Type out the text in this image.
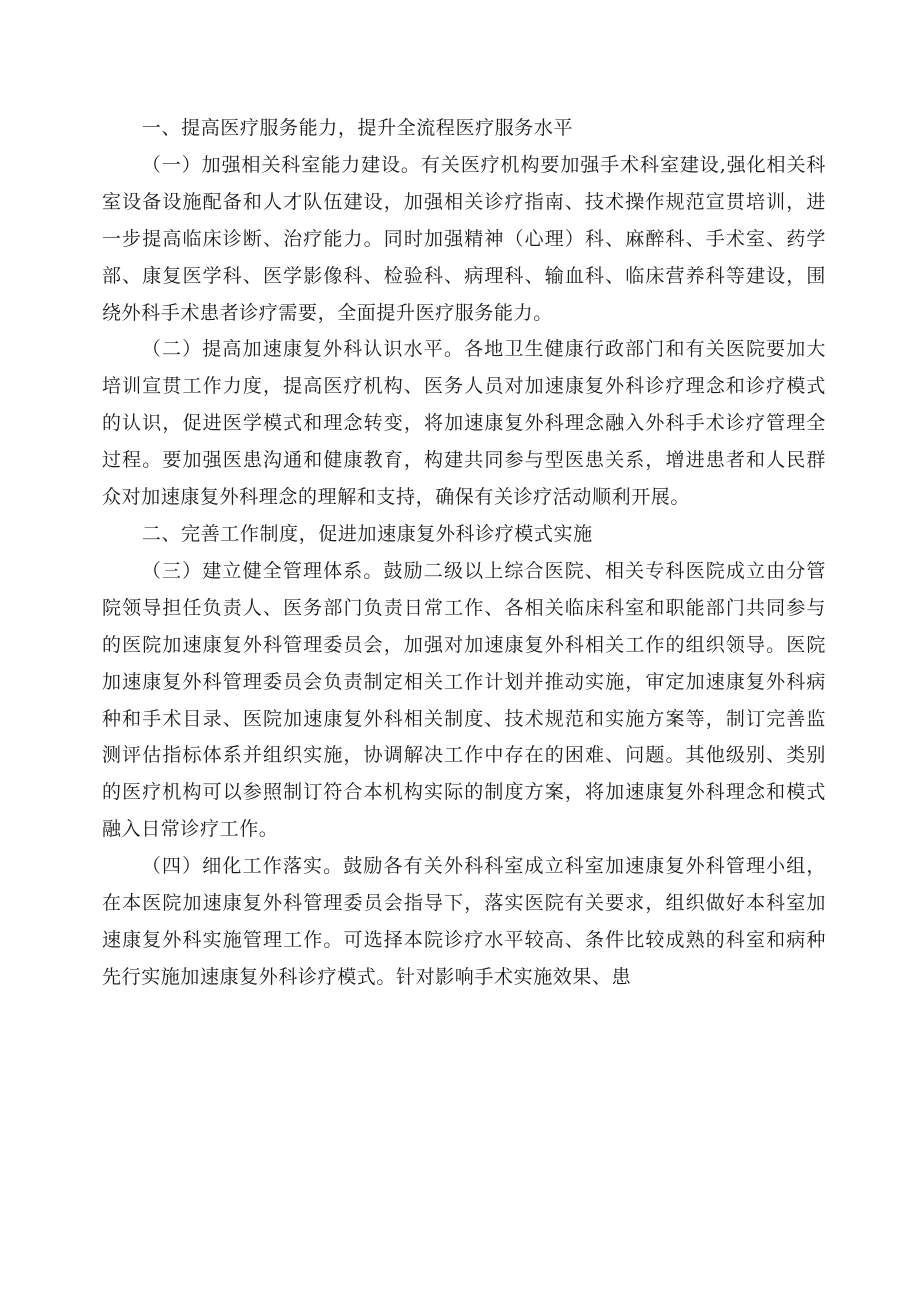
一、提高医疗服务能力，提升全流程医疗服务水平

（一）加强相关科室能力建设。有关医疗机构要加强手术科室建设,强化相关科室设备设施配备和人才队伍建设，加强相关诊疗指南、技术操作规范宣贯培训，进一步提高临床诊断、治疗能力。同时加强精神（心理）科、麻醉科、手术室、药学部、康复医学科、医学影像科、检验科、病理科、输血科、临床营养科等建设，围绕外科手术患者诊疗需要，全面提升医疗服务能力。

（二）提高加速康复外科认识水平。各地卫生健康行政部门和有关医院要加大培训宣贯工作力度，提高医疗机构、医务人员对加速康复外科诊疗理念和诊疗模式的认识，促进医学模式和理念转变，将加速康复外科理念融入外科手术诊疗管理全过程。要加强医患沟通和健康教育，构建共同参与型医患关系，增进患者和人民群众对加速康复外科理念的理解和支持，确保有关诊疗活动顺利开展。

二、完善工作制度，促进加速康复外科诊疗模式实施

（三）建立健全管理体系。鼓励二级以上综合医院、相关专科医院成立由分管院领导担任负责人、医务部门负责日常工作、各相关临床科室和职能部门共同参与的医院加速康复外科管理委员会，加强对加速康复外科相关工作的组织领导。医院加速康复外科管理委员会负责制定相关工作计划并推动实施，审定加速康复外科病种和手术目录、医院加速康复外科相关制度、技术规范和实施方案等，制订完善监测评估指标体系并组织实施，协调解决工作中存在的困难、问题。其他级别、类别的医疗机构可以参照制订符合本机构实际的制度方案，将加速康复外科理念和模式融入日常诊疗工作。

（四）细化工作落实。鼓励各有关外科科室成立科室加速康复外科管理小组，在本医院加速康复外科管理委员会指导下，落实医院有关要求，组织做好本科室加速康复外科实施管理工作。可选择本院诊疗水平较高、条件比较成熟的科室和病种先行实施加速康复外科诊疗模式。针对影响手术实施效果、患
